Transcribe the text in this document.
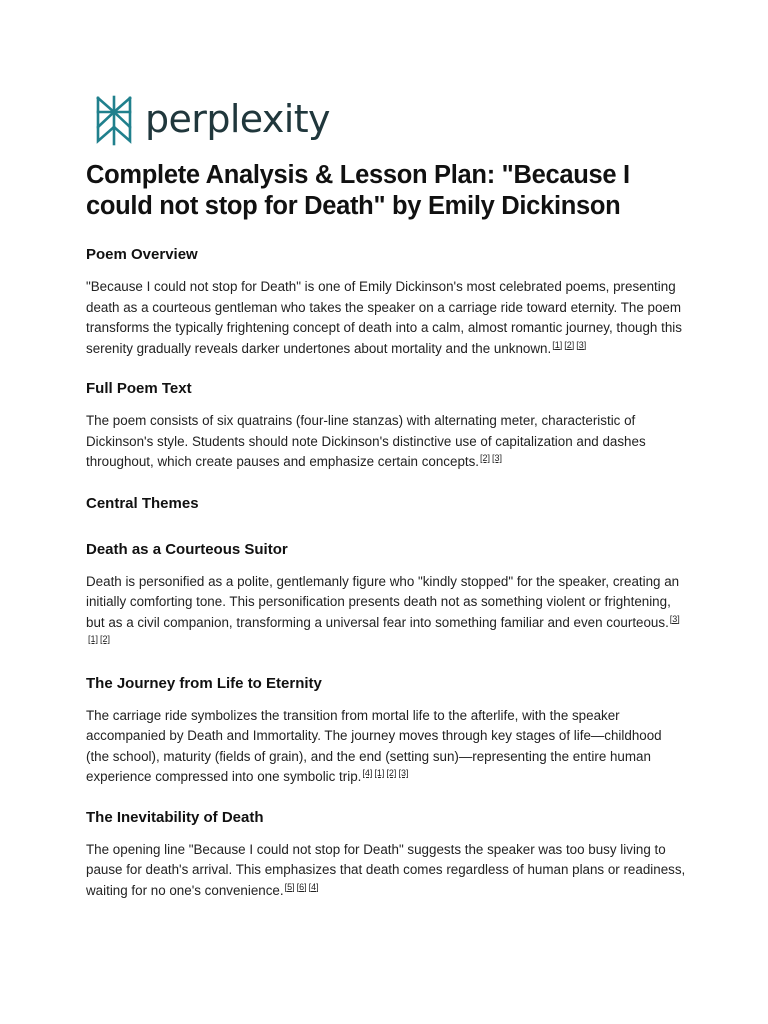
perplexity
Complete Analysis & Lesson Plan: "Because I could not stop for Death" by Emily Dickinson
Poem Overview

"Because I could not stop for Death" is one of Emily Dickinson's most celebrated poems, presenting death as a courteous gentleman who takes the speaker on a carriage ride toward eternity. The poem transforms the typically frightening concept of death into a calm, almost romantic journey, though this serenity gradually reveals darker undertones about mortality and the unknown.[1] [2] [3]

Full Poem Text

The poem consists of six quatrains (four-line stanzas) with alternating meter, characteristic of Dickinson's style. Students should note Dickinson's distinctive use of capitalization and dashes throughout, which create pauses and emphasize certain concepts.[2] [3]

Central Themes
Death as a Courteous Suitor

Death is personified as a polite, gentlemanly figure who "kindly stopped" for the speaker, creating an initially comforting tone. This personification presents death not as something violent or frightening, but as a civil companion, transforming a universal fear into something familiar and even courteous.[3][1] [2]

The Journey from Life to Eternity

The carriage ride symbolizes the transition from mortal life to the afterlife, with the speaker accompanied by Death and Immortality. The journey moves through key stages of life—childhood (the school), maturity (fields of grain), and the end (setting sun)—representing the entire human experience compressed into one symbolic trip.[4] [1] [2] [3]

The Inevitability of Death

The opening line "Because I could not stop for Death" suggests the speaker was too busy living to pause for death's arrival. This emphasizes that death comes regardless of human plans or readiness, waiting for no one's convenience.[5] [6] [4]
